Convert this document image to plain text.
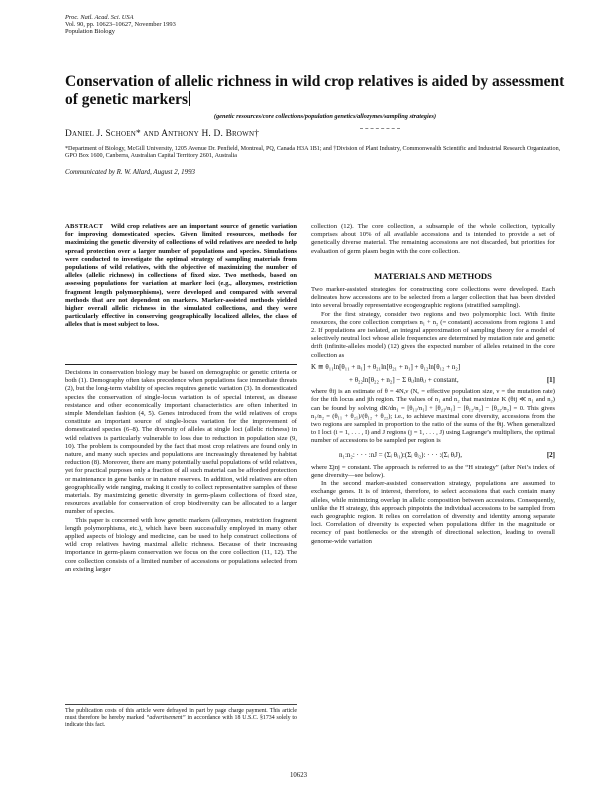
Proc. Natl. Acad. Sci. USA
Vol. 90, pp. 10623–10627, November 1993
Population Biology
Conservation of allelic richness in wild crop relatives is aided by assessment of genetic markers
(genetic resources/core collections/population genetics/allozymes/sampling strategies)
Daniel J. Schoen* and Anthony H. D. Brown†
*Department of Biology, McGill University, 1205 Avenue Dr. Penfield, Montreal, PQ, Canada H3A 1B1; and †Division of Plant Industry, Commonwealth Scientific and Industrial Research Organization, GPO Box 1600, Canberra, Australian Capital Territory 2601, Australia
Communicated by R. W. Allard, August 2, 1993

ABSTRACT Wild crop relatives are an important source of genetic variation for improving domesticated species. Given limited resources, methods for maximizing the genetic diversity of collections of wild relatives are needed to help spread protection over a larger number of populations and species. Simulations were conducted to investigate the optimal strategy of sampling materials from populations of wild relatives, with the objective of maximizing the number of alleles (allelic richness) in collections of fixed size. Two methods, based on assessing populations for variation at marker loci (e.g., allozymes, restriction fragment length polymorphisms), were developed and compared with several methods that are not dependent on markers. Marker-assisted methods yielded higher overall allelic richness in the simulated collections, and they were particularly effective in conserving geographically localized alleles, the class of alleles that is most subject to loss.

Decisions in conservation biology may be based on demographic or genetic criteria or both (1). Demography often takes precedence when populations face immediate threats (2), but the long-term viability of species requires genetic variation (3). In domesticated species the conservation of single-locus variation is of special interest, as disease resistance and other economically important characteristics are often inherited in simple Mendelian fashion (4, 5). Genes introduced from the wild relatives of crops constitute an important source of single-locus variation for the improvement of domesticated species (6–8). The diversity of alleles at single loci (allelic richness) in wild relatives is particularly vulnerable to loss due to reduction in population size (9, 10). The problem is compounded by the fact that most crop relatives are found only in nature, and many such species and populations are increasingly threatened by habitat reduction (8). Moreover, there are many potentially useful populations of wild relatives, yet for practical purposes only a fraction of all such material can be afforded protection or maintenance in gene banks or in nature reserves. In addition, wild relatives are often geographically wide ranging, making it costly to collect representative samples of these materials. By maximizing genetic diversity in germ-plasm collections of fixed size, resources available for conservation of crop biodiversity can be allocated to a larger number of species.

This paper is concerned with how genetic markers (allozymes, restriction fragment length polymorphisms, etc.), which have been successfully employed in many other applied aspects of biology and medicine, can be used to help construct collections of wild crop relatives having maximal allelic richness. Because of their increasing importance in germ-plasm conservation we focus on the core collection (11, 12). The core collection consists of a limited number of accessions or populations selected from an existing larger

The publication costs of this article were defrayed in part by page charge payment. This article must therefore be hereby marked “advertisement” in accordance with 18 U.S.C. §1734 solely to indicate this fact.

collection (12). The core collection, a subsample of the whole collection, typically comprises about 10% of all available accessions and is intended to provide a set of genetically diverse material. The remaining accessions are not discarded, but priorities for evaluation of germ plasm begin with the core collection.

MATERIALS AND METHODS

Two marker-assisted strategies for constructing core collections were developed. Each delineates how accessions are to be selected from a larger collection that has been divided into several broadly representative ecogeographic regions (stratified sampling).

For the first strategy, consider two regions and two polymorphic loci. With finite resources, the core collection comprises n₁ + n₂ (= constant) accessions from regions 1 and 2. If populations are isolated, an integral approximation of sampling theory for a model of selectively neutral loci whose allele frequencies are determined by mutation rate and genetic drift (infinite-alleles model) (12) gives the expected number of alleles retained in the core collection as

K ≅ θ₁₁ln[θ₁₁ + n₁] + θ₂₁ln[θ₂₁ + n₁] + θ₁₂ln[θ₁₂ + n₂]
+ θ₂₂ln[θ₂₂ + n₂] − Σ θᵢⱼlnθᵢⱼ + constant,	[1]

where θij is an estimate of θ = 4Nₑν (Nₑ = effective population size, ν = the mutation rate) for the ith locus and jth region. The values of n₁ and n₂ that maximize K (θij ≪ n₁ and n₂) can be found by solving dK/dn₁ = [θ₁₁/n₁] + [θ₂₁/n₁] − [θ₁₂/n₂] − [θ₂₂/n₂] = 0. This gives n₁/n₂ = (θ₁₁ + θ₂₁)/(θ₁₂ + θ₂₂); i.e., to achieve maximal core diversity, accessions from the two regions are sampled in proportion to the ratio of the sums of the θij. When generalized to I loci (i = 1, . . . , I) and J regions (j = 1, . . . , J) using Lagrange’s multipliers, the optimal number of accessions to be sampled per region is

n₁:n₂: · · · :nJ = (Σᵢ θᵢ₁):(Σᵢ θᵢ₂): · · · :(Σᵢ θᵢJ),	[2]

where Σjnj = constant. The approach is referred to as the “H strategy” (after Nei’s index of gene diversity—see below).

In the second marker-assisted conservation strategy, populations are assumed to exchange genes. It is of interest, therefore, to select accessions that each contain many alleles, while minimizing overlap in allelic composition between accessions. Consequently, unlike the H strategy, this approach pinpoints the individual accessions to be sampled from each geographic region. It relies on correlation of diversity and identity among separate loci. Correlation of diversity is expected when populations differ in the magnitude or recency of past bottlenecks or the strength of directional selection, leading to overall genome-wide variation

10623
